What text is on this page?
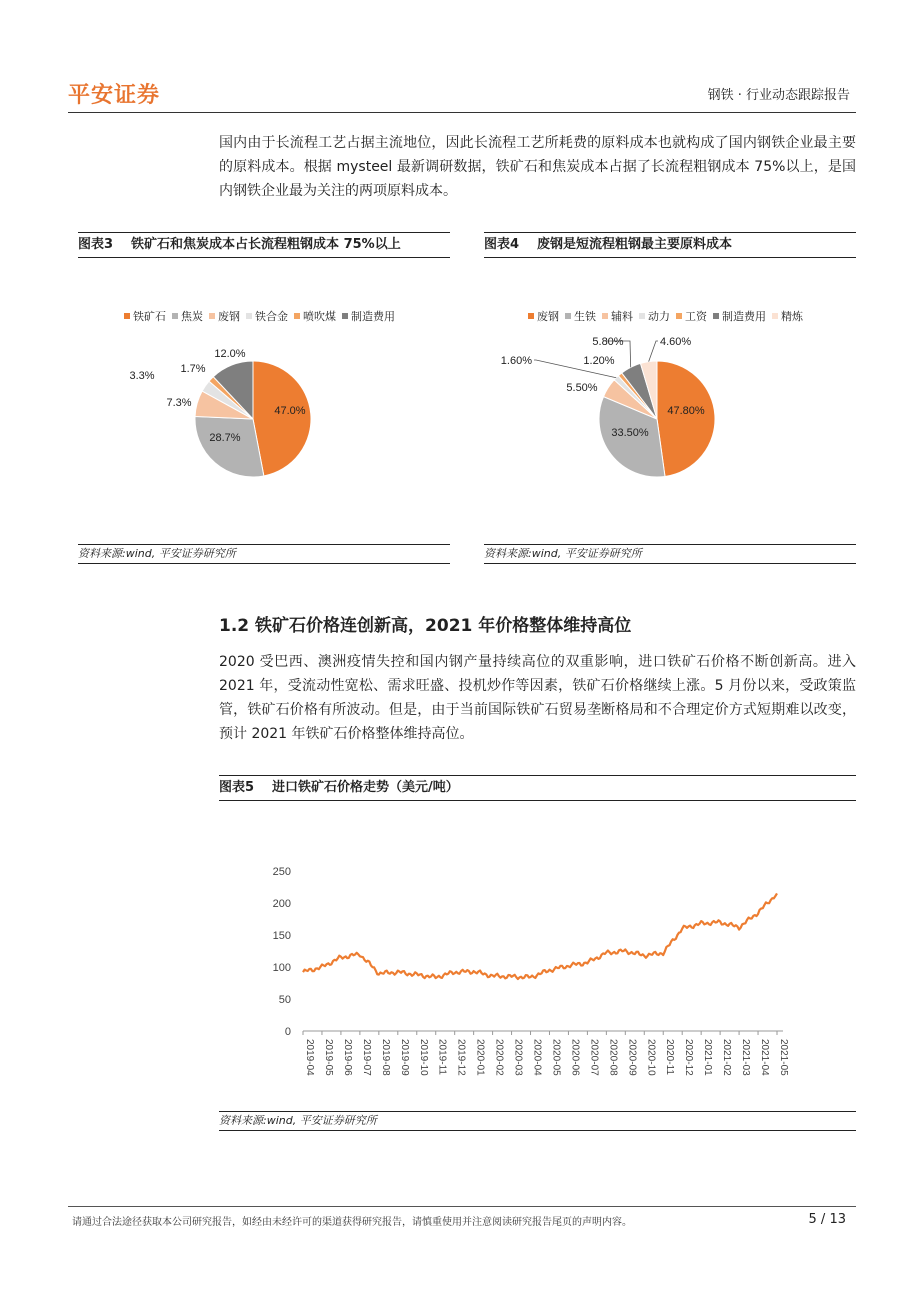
平安证券	钢铁 · 行业动态跟踪报告
国内由于长流程工艺占据主流地位，因此长流程工艺所耗费的原料成本也就构成了国内钢铁企业最主要的原料成本。根据 mysteel 最新调研数据，铁矿石和焦炭成本占据了长流程粗钢成本 75%以上，是国内钢铁企业最为关注的两项原料成本。
图表3 铁矿石和焦炭成本占长流程粗钢成本 75%以上
铁矿石 焦炭 废钢 铁合金 喷吹煤 制造费用
47.0%
28.7%
7.3%
3.3%
1.7%
12.0%
资料来源:wind, 平安证券研究所
图表4 废钢是短流程粗钢最主要原料成本
废钢 生铁 辅料 动力 工资 制造费用 精炼
47.80%
33.50%
5.50%
1.60%	1.20%
5.80%	4.60%
资料来源:wind, 平安证券研究所
1.2 铁矿石价格连创新高，2021 年价格整体维持高位
2020 受巴西、澳洲疫情失控和国内钢产量持续高位的双重影响，进口铁矿石价格不断创新高。进入 2021 年，受流动性宽松、需求旺盛、投机炒作等因素，铁矿石价格继续上涨。5 月份以来，受政策监管，铁矿石价格有所波动。但是，由于当前国际铁矿石贸易垄断格局和不合理定价方式短期难以改变，预计 2021 年铁矿石价格整体维持高位。
图表5 进口铁矿石价格走势（美元/吨）
0
50
100
150
200
250
2019-04 2019-05 2019-06 2019-07 2019-08 2019-09 2019-10 2019-11 2019-12 2020-01 2020-02 2020-03 2020-04 2020-05 2020-06 2020-07 2020-08 2020-09 2020-10 2020-11 2020-12 2021-01 2021-02 2021-03 2021-04 2021-05
资料来源:wind, 平安证券研究所
请通过合法途径获取本公司研究报告，如经由未经许可的渠道获得研究报告，请慎重使用并注意阅读研究报告尾页的声明内容。	5 / 13
